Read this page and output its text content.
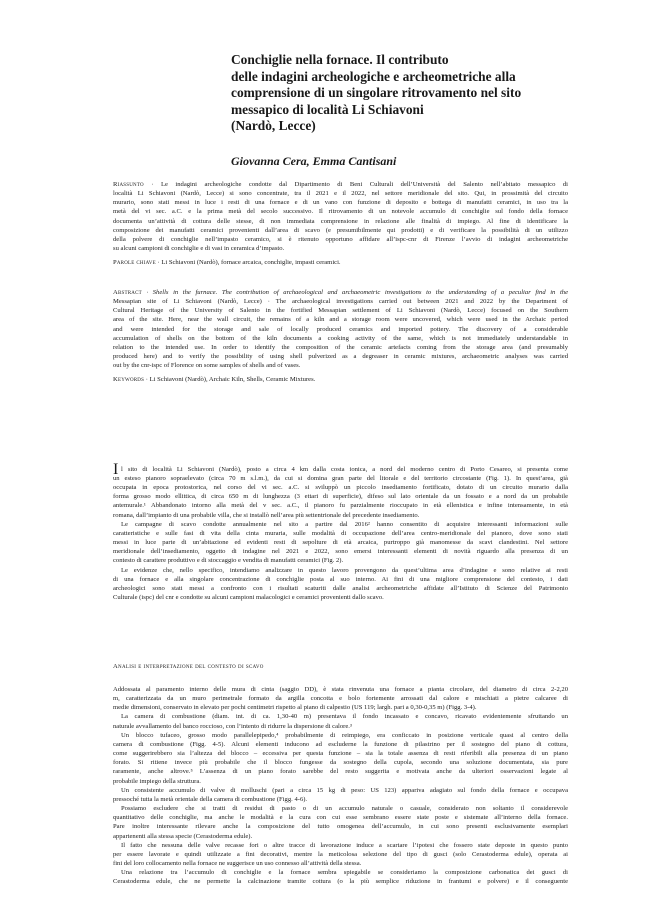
Conchiglie nella fornace. Il contributo
delle indagini archeologiche e archeometriche alla
comprensione di un singolare ritrovamento nel sito
messapico di località Li Schiavoni
(Nardò, Lecce)
Giovanna Cera, Emma Cantisani
Riassunto · Le indagini archeologiche condotte dal Dipartimento di Beni Culturali dell’Università del Salento nell’abitato messapico di
località Li Schiavoni (Nardò, Lecce) si sono concentrate, tra il 2021 e il 2022, nel settore meridionale del sito. Qui, in prossimità del circuito
murario, sono stati messi in luce i resti di una fornace e di un vano con funzione di deposito e bottega di manufatti ceramici, in uso tra la
metà del vi sec. a.C. e la prima metà del secolo successivo. Il ritrovamento di un notevole accumulo di conchiglie sul fondo della fornace
documenta un’attività di cottura delle stesse, di non immediata comprensione in relazione alle finalità di impiego. Al fine di identificare la
composizione dei manufatti ceramici provenienti dall’area di scavo (e presumibilmente qui prodotti) e di verificare la possibilità di un utilizzo
della polvere di conchiglie nell’impasto ceramico, si è ritenuto opportuno affidare all’ispc-cnr di Firenze l’avvio di indagini archeometriche
su alcuni campioni di conchiglie e di vasi in ceramica d’impasto.
Parole chiave · Li Schiavoni (Nardò), fornace arcaica, conchiglie, impasti ceramici.
Abstract · Shells in the furnace. The contribution of archaeological and archaeometric investigations to the understanding of a peculiar find in the
Messapian site of Li Schiavoni (Nardò, Lecce) · The archaeological investigations carried out between 2021 and 2022 by the Department of
Cultural Heritage of the University of Salento in the fortified Messapian settlement of Li Schiavoni (Nardò, Lecce) focused on the Southern
area of the site. Here, near the wall circuit, the remains of a kiln and a storage room were uncovered, which were used in the Archaic period
and were intended for the storage and sale of locally produced ceramics and imported pottery. The discovery of a considerable
accumulation of shells on the bottom of the kiln documents a cooking activity of the same, which is not immediately understandable in
relation to the intended use. In order to identify the composition of the ceramic artefacts coming from the storage area (and presumably
produced here) and to verify the possibility of using shell pulverized as a degreaser in ceramic mixtures, archaeometric analyses was carried
out by the cnr-ispc of Florence on some samples of shells and of vases.
Keywords · Li Schiavoni (Nardò), Archaic Kiln, Shells, Ceramic Mixtures.
I l sito di località Li Schiavoni (Nardò), posto a circa 4 km dalla costa ionica, a nord del moderno centro di Porto Cesareo, si presenta come
un esteso pianoro sopraelevato (circa 70 m s.l.m.), da cui si domina gran parte del litorale e del territorio circostante (Fig. 1). In quest’area, già
occupata in epoca protostorica, nel corso del vi sec. a.C. si sviluppò un piccolo insediamento fortificato, dotato di un circuito murario dalla
forma grosso modo ellittica, di circa 650 m di lunghezza (3 ettari di superficie), difeso sul lato orientale da un fossato e a nord da un probabile
antemurale.¹ Abbandonato intorno alla metà del v sec. a.C., il pianoro fu parzialmente rioccupato in età ellenistica e infine intensamente, in età
romana, dall’impianto di una probabile villa, che si installò nell’area più settentrionale del precedente insediamento.
Le campagne di scavo condotte annualmente nel sito a partire dal 2016² hanno consentito di acquisire interessanti informazioni sulle
caratteristiche e sulle fasi di vita della cinta muraria, sulle modalità di occupazione dell’area centro-meridionale del pianoro, dove sono stati
messi in luce parte di un’abitazione ed evidenti resti di sepolture di età arcaica, purtroppo già manomesse da scavi clandestini. Nel settore
meridionale dell’insediamento, oggetto di indagine nel 2021 e 2022, sono emersi interessanti elementi di novità riguardo alla presenza di un
contesto di carattere produttivo e di stoccaggio e vendita di manufatti ceramici (Fig. 2).
Le evidenze che, nello specifico, intendiamo analizzare in questo lavoro provengono da quest’ultima area d’indagine e sono relative ai resti
di una fornace e alla singolare concentrazione di conchiglie posta al suo interno. Ai fini di una migliore comprensione del contesto, i dati
archeologici sono stati messi a confronto con i risultati scaturiti dalle analisi archeometriche affidate all’Istituto di Scienze del Patrimonio
Culturale (ispc) del cnr e condotte su alcuni campioni malacologici e ceramici provenienti dallo scavo.
Analisi e interpretazione del contesto di scavo
Addossata al paramento interno delle mura di cinta (saggio DD), è stata rinvenuta una fornace a pianta circolare, del diametro di circa 2-2,20
m, caratterizzata da un muro perimetrale formato da argilla concotta e bolo fortemente arrossati dal calore e mischiati a pietre calcaree di
medie dimensioni, conservato in elevato per pochi centimetri rispetto al piano di calpestio (US 119; largh. pari a 0,30-0,35 m) (Figg. 3-4).
La camera di combustione (diam. int. di ca. 1,30-40 m) presentava il fondo incassato e concavo, ricavato evidentemente sfruttando un
naturale avvallamento del banco roccioso, con l’intento di ridurre la dispersione di calore.³
Un blocco tufaceo, grosso modo parallelepipedo,⁴ probabilmente di reimpiego, era conficcato in posizione verticale quasi al centro della
camera di combustione (Figg. 4-5). Alcuni elementi inducono ad escluderne la funzione di pilastrino per il sostegno del piano di cottura,
come suggerirebbero sia l’altezza del blocco – eccessiva per questa funzione – sia la totale assenza di resti riferibili alla presenza di un piano
forato. Si ritiene invece più probabile che il blocco fungesse da sostegno della cupola, secondo una soluzione documentata, sia pure
raramente, anche altrove.⁵ L’assenza di un piano forato sarebbe del resto suggerita e motivata anche da ulteriori osservazioni legate al
probabile impiego della struttura.
Un consistente accumulo di valve di molluschi (pari a circa 15 kg di peso: US 123) appariva adagiato sul fondo della fornace e occupava
pressoché tutta la metà orientale della camera di combustione (Figg. 4-6).
Possiamo escludere che si tratti di residui di pasto o di un accumulo naturale o casuale, considerato non soltanto il considerevole
quantitativo delle conchiglie, ma anche le modalità e la cura con cui esse sembrano essere state poste e sistemate all’interno della fornace.
Pare inoltre interessante rilevare anche la composizione del tutto omogenea dell’accumulo, in cui sono presenti esclusivamente esemplari
appartenenti alla stessa specie (Cerastoderma edule).
Il fatto che nessuna delle valve recasse fori o altre tracce di lavorazione induce a scartare l’ipotesi che fossero state deposte in questo punto
per essere lavorate e quindi utilizzate a fini decorativi, mentre la meticolosa selezione del tipo di gusci (solo Cerastoderma edule), operata ai
fini del loro collocamento nella fornace ne suggerisce un uso connesso all’attività della stessa.
Una relazione tra l’accumulo di conchiglie e la fornace sembra spiegabile se consideriamo la composizione carbonatica dei gusci di
Cerastoderma edule, che ne permette la calcinazione tramite cottura (o la più semplice riduzione in frantumi e polvere) e il conseguente
